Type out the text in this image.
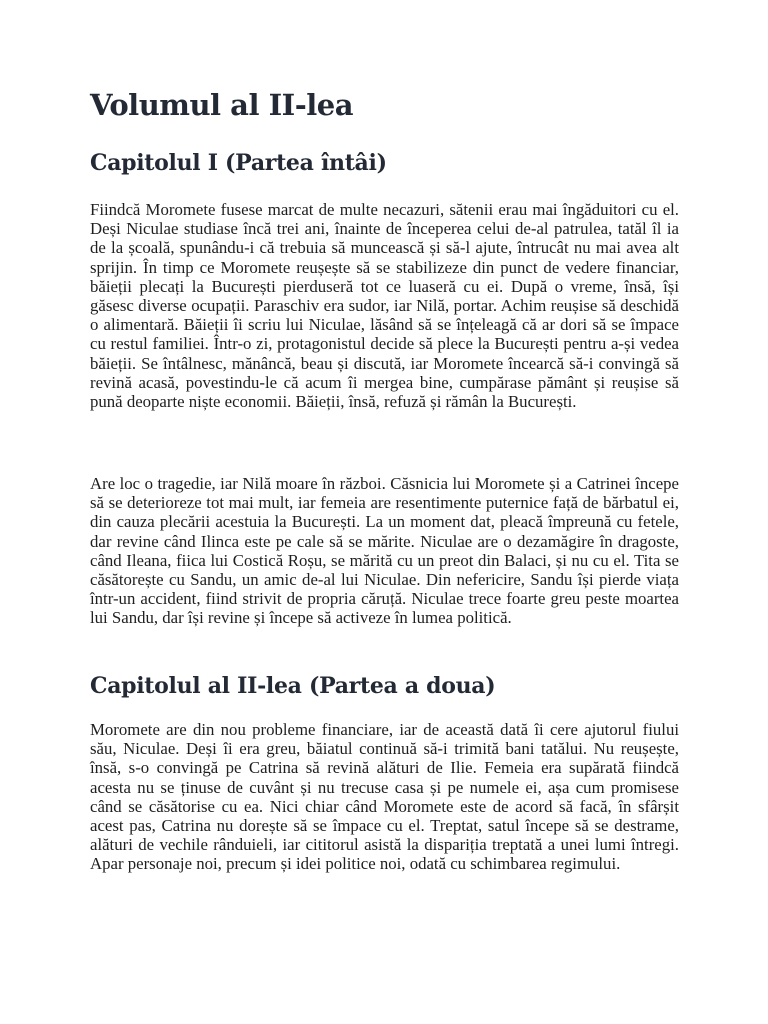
Volumul al II-lea
Capitolul I (Partea întâi)

Fiindcă Moromete fusese marcat de multe necazuri, sătenii erau mai îngăduitori cu el. Deși Niculae studiase încă trei ani, înainte de începerea celui de-al patrulea, tatăl îl ia de la școală, spunându-i că trebuia să muncească și să-l ajute, întrucât nu mai avea alt sprijin. În timp ce Moromete reușește să se stabilizeze din punct de vedere financiar, băieții plecați la București pierduseră tot ce luaseră cu ei. După o vreme, însă, își găsesc diverse ocupații. Paraschiv era sudor, iar Nilă, portar. Achim reușise să deschidă o alimentară. Băieții îi scriu lui Niculae, lăsând să se înțeleagă că ar dori să se împace cu restul familiei. Într-o zi, protagonistul decide să plece la București pentru a-și vedea băieții. Se întâlnesc, mănâncă, beau și discută, iar Moromete încearcă să-i convingă să revină acasă, povestindu-le că acum îi mergea bine, cumpărase pământ și reușise să pună deoparte niște economii. Băieții, însă, refuză și rămân la București.

Are loc o tragedie, iar Nilă moare în război. Căsnicia lui Moromete și a Catrinei începe să se deterioreze tot mai mult, iar femeia are resentimente puternice față de bărbatul ei, din cauza plecării acestuia la București. La un moment dat, pleacă împreună cu fetele, dar revine când Ilinca este pe cale să se mărite. Niculae are o dezamăgire în dragoste, când Ileana, fiica lui Costică Roșu, se mărită cu un preot din Balaci, și nu cu el. Tita se căsătorește cu Sandu, un amic de-al lui Niculae. Din nefericire, Sandu își pierde viața într-un accident, fiind strivit de propria căruță. Niculae trece foarte greu peste moartea lui Sandu, dar își revine și începe să activeze în lumea politică.

Capitolul al II-lea (Partea a doua)

Moromete are din nou probleme financiare, iar de această dată îi cere ajutorul fiului său, Niculae. Deși îi era greu, băiatul continuă să-i trimită bani tatălui. Nu reușește, însă, s-o convingă pe Catrina să revină alături de Ilie. Femeia era supărată fiindcă acesta nu se ținuse de cuvânt și nu trecuse casa și pe numele ei, așa cum promisese când se căsătorise cu ea. Nici chiar când Moromete este de acord să facă, în sfârșit acest pas, Catrina nu dorește să se împace cu el. Treptat, satul începe să se destrame, alături de vechile rânduieli, iar cititorul asistă la dispariția treptată a unei lumi întregi. Apar personaje noi, precum și idei politice noi, odată cu schimbarea regimului.
